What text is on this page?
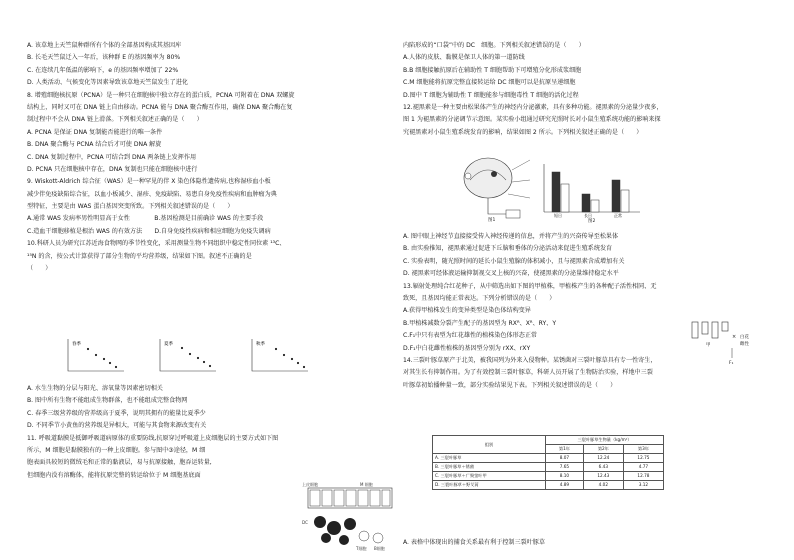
A. 该草地上天竺鼠种群所有个体的全部基因构成其基因库
B. 长毛天竺鼠迁入一年后，该种群 E 的基因频率为 80%
C. 在连续几年低温的影响下，e 的基因频率增加了 22%
D. 人类活动、气候变化等因素导致该草地天竺鼠发生了进化
8. 增殖细胞核抗原（PCNA）是一种只在细胞核中独立存在的蛋白质，PCNA 可附着在 DNA 双螺旋
结构上，同时又可在 DNA 链上自由移动。PCNA 能与 DNA 聚合酶互作用，确保 DNA 聚合酶在复
制过程中不会从 DNA 链上滑落。下列相关叙述正确的是（　　）
A. PCNA 是保证 DNA 复制能否能进行的唯一条件
B. DNA 聚合酶与 PCNA 结合后才可使 DNA 解旋
C. DNA 复制过程中，PCNA 可结合到 DNA 两条链上发挥作用
D. PCNA 只在细胞核中存在，DNA 复制也只能在细胞核中进行
9. Wiskott-Aldrich 综合征（WAS）是一种罕见的伴 X 染色体隐性遗传病,也称湿疹血小板
减少伴免疫缺陷综合征，以血小板减少、湿疹、免疫缺陷、易患自身免疫性疾病和血肿瘤为典
型特征，主要是由 WAS 蛋白基因突变所致。下列相关叙述错误的是（　　）
A.通常 WAS 发病率男性明显高于女性　　　　B.基因检测是目前确诊 WAS 的主要手段
C.造血干细胞移植是根治 WAS 的有效方法　　D.自身免疫性疾病和相应细胞为免疫失调病
10.科研人员为研究江苏近海食物网的季节性变化，采用测量生物不同组织中稳定性同位素 ¹³C、
¹⁵N 的含，按公式计算获得了部分生物的平均营养级，结果如下图。叙述不正确的是
（　　）
春季	夏季	秋季
A. 水生生物的分层与阳光、溶氧量等因素密切相关
B. 图中所有生物不能组成生物群落，也不能组成完整食物网
C. 春季三级营养级的营养级高于夏季，说明其拥有的能量比夏季少
D. 不同季节小黄鱼的营养级是异相大，可能与其食物来源改变有关
11. 呼吸道黏膜是抵御呼吸道病原体的重要防线,抗原穿过呼吸道上皮细胞层的主要方式如下图
所示，M 细胞是黏膜独有的一种上皮细胞。参与图中③途径，M 细
胞表面具较短的微绒毛和正常的黏液层，易与抗原接触，胞吞运转量,
但细胞内没有溶酶体，能将抗原完整的转运给位于 M 细胞基底面
上皮细胞	M 细胞
DC
T细胞 B细胞
内陷形成的“口袋”中的 DC　细胞。下列相关叙述错误的是（　　）
A.人体的皮肤、黏膜是保卫人体的第一道防线
B.B 细胞接触抗原后在辅助性 T 细胞帮助下可增殖分化形成浆细胞
C.M 细胞能将抗原完整直接转运给 DC 细胞可以是抗原呈递细胞
D.图中 T 细胞为辅助性 T 细胞能参与细胞毒性 T 细胞的活化过程
12.褪黑素是一种主要由松果体产生的神经内分泌激素，具有多种功能。褪黑素的分泌量少夜多，
图 1 为褪黑素的分泌调节示意图。某实验小组通过研究光照时长对小鼠生殖系统功能的影响来探
究褪黑素对小鼠生殖系统发育的影响，结果如图 2 所示。下列相关叙述正确的是（　　）
图1
短日	长日	正常
图2
A. 图中眼上神经节直接接受传入神经传递的信息，并将产生的兴奋传导至松果体
B. 由实验推知，褪黑素通过促进下丘脑和垂体的分泌活动来促进生殖系统发育
C. 实验表明，随光照时间的延长小鼠生殖腺的体积减小，且与褪黑素含成增加有关
D. 褪黑素可经体液运输抑制视交叉上核的兴奋，使褪黑素的分泌量维持稳定水平
13.辐射处理纯合红花种子，从中筛选出如下图的甲植株，甲植株产生的各种配子活性相同、无
致死，且基因均能正常表达。下列分析错误的是（　　）
A.获得甲植株发生的变异类型是染色体结构变异
B.甲植株减数分裂产生配子的基因型为 RXᴿ、Xᴿ、RY、Y
C.F₁中只有表型为红花雄性的植株染色体形态正常
D.F₁中白花雌性植株的基因型分别为 rXX、rXY
14.三裂叶豚草原产于北美，被我国列为外来入侵物种。某锈菌对三裂叶豚草具有专一性寄生，
对其生长有抑制作用。为了有效控制三裂叶豚草，科研人员开展了生物防治实验，样地中三裂
叶豚草初始播种量一致，部分实验结果见下表。下列相关叙述错误的是（　　）
甲
× 白花
雌性
F₁
组别	三裂叶豚草生物量（kg/m²）		
	第1年	第2年	第3年
A. 三裂叶豚草	8.07	12.24	12.75
B. 三裂叶豚草＋锈菌	7.65	6.43	4.77
C. 三裂叶豚草＋广聚萤叶甲	8.10	12.43	12.78
D. 三裂叶豚草＋野艾蒿	4.89	4.02	3.12
A. 表格中体现出的捕食关系最有利于控制三裂叶豚草
